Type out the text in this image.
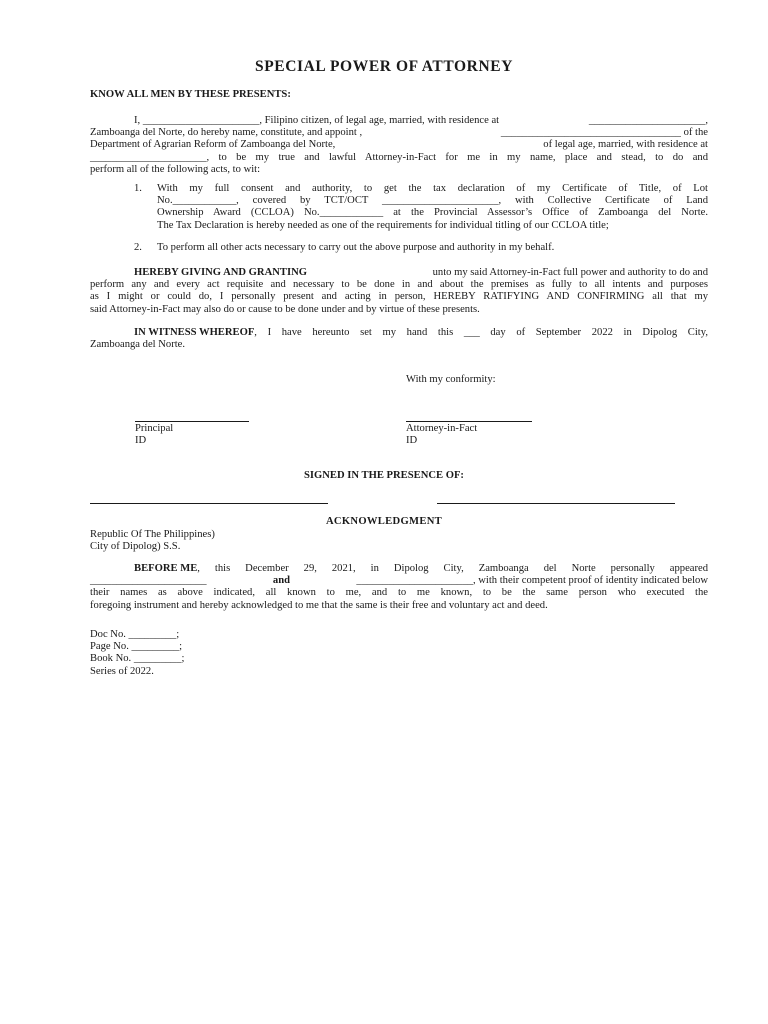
SPECIAL POWER OF ATTORNEY
KNOW ALL MEN BY THESE PRESENTS:
I, ______________________, Filipino citizen, of legal age, married, with residence at	______________________,
Zamboanga del Norte, do hereby name, constitute, and appoint ,	__________________________________ of the
Department of Agrarian Reform of Zamboanga del Norte,	of legal age, married, with residence at
______________________, to be my true and lawful Attorney-in-Fact for me in my name, place and stead, to do and
perform all of the following acts, to wit:
1. With my full consent and authority, to get the tax declaration of my Certificate of Title, of Lot
No.____________, covered by TCT/OCT ______________________, with Collective Certificate of Land
Ownership Award (CCLOA) No.____________ at the Provincial Assessor’s Office of Zamboanga del Norte.
The Tax Declaration is hereby needed as one of the requirements for individual titling of our CCLOA title;
2. To perform all other acts necessary to carry out the above purpose and authority in my behalf.
HEREBY GIVING AND GRANTING	unto my said Attorney-in-Fact full power and authority to do and
perform any and every act requisite and necessary to be done in and about the premises as fully to all intents and purposes
as I might or could do, I personally present and acting in person, HEREBY RATIFYING AND CONFIRMING all that my
said Attorney-in-Fact may also do or cause to be done under and by virtue of these presents.
IN WITNESS WHEREOF , I have hereunto set my hand this ___ day of September 2022 in Dipolog City,
Zamboanga del Norte.
With my conformity:
Principal
ID
Attorney-in-Fact
ID
SIGNED IN THE PRESENCE OF:
ACKNOWLEDGMENT
Republic Of The Philippines)
City of Dipolog) S.S.
BEFORE ME , this December 29, 2021, in Dipolog City, Zamboanga del Norte personally appeared
______________________	and	______________________, with their competent proof of identity indicated below
their names as above indicated, all known to me, and to me known, to be the same person who executed the
foregoing instrument and hereby acknowledged to me that the same is their free and voluntary act and deed.
Doc No. _________;
Page No. _________;
Book No. _________;
Series of 2022.
